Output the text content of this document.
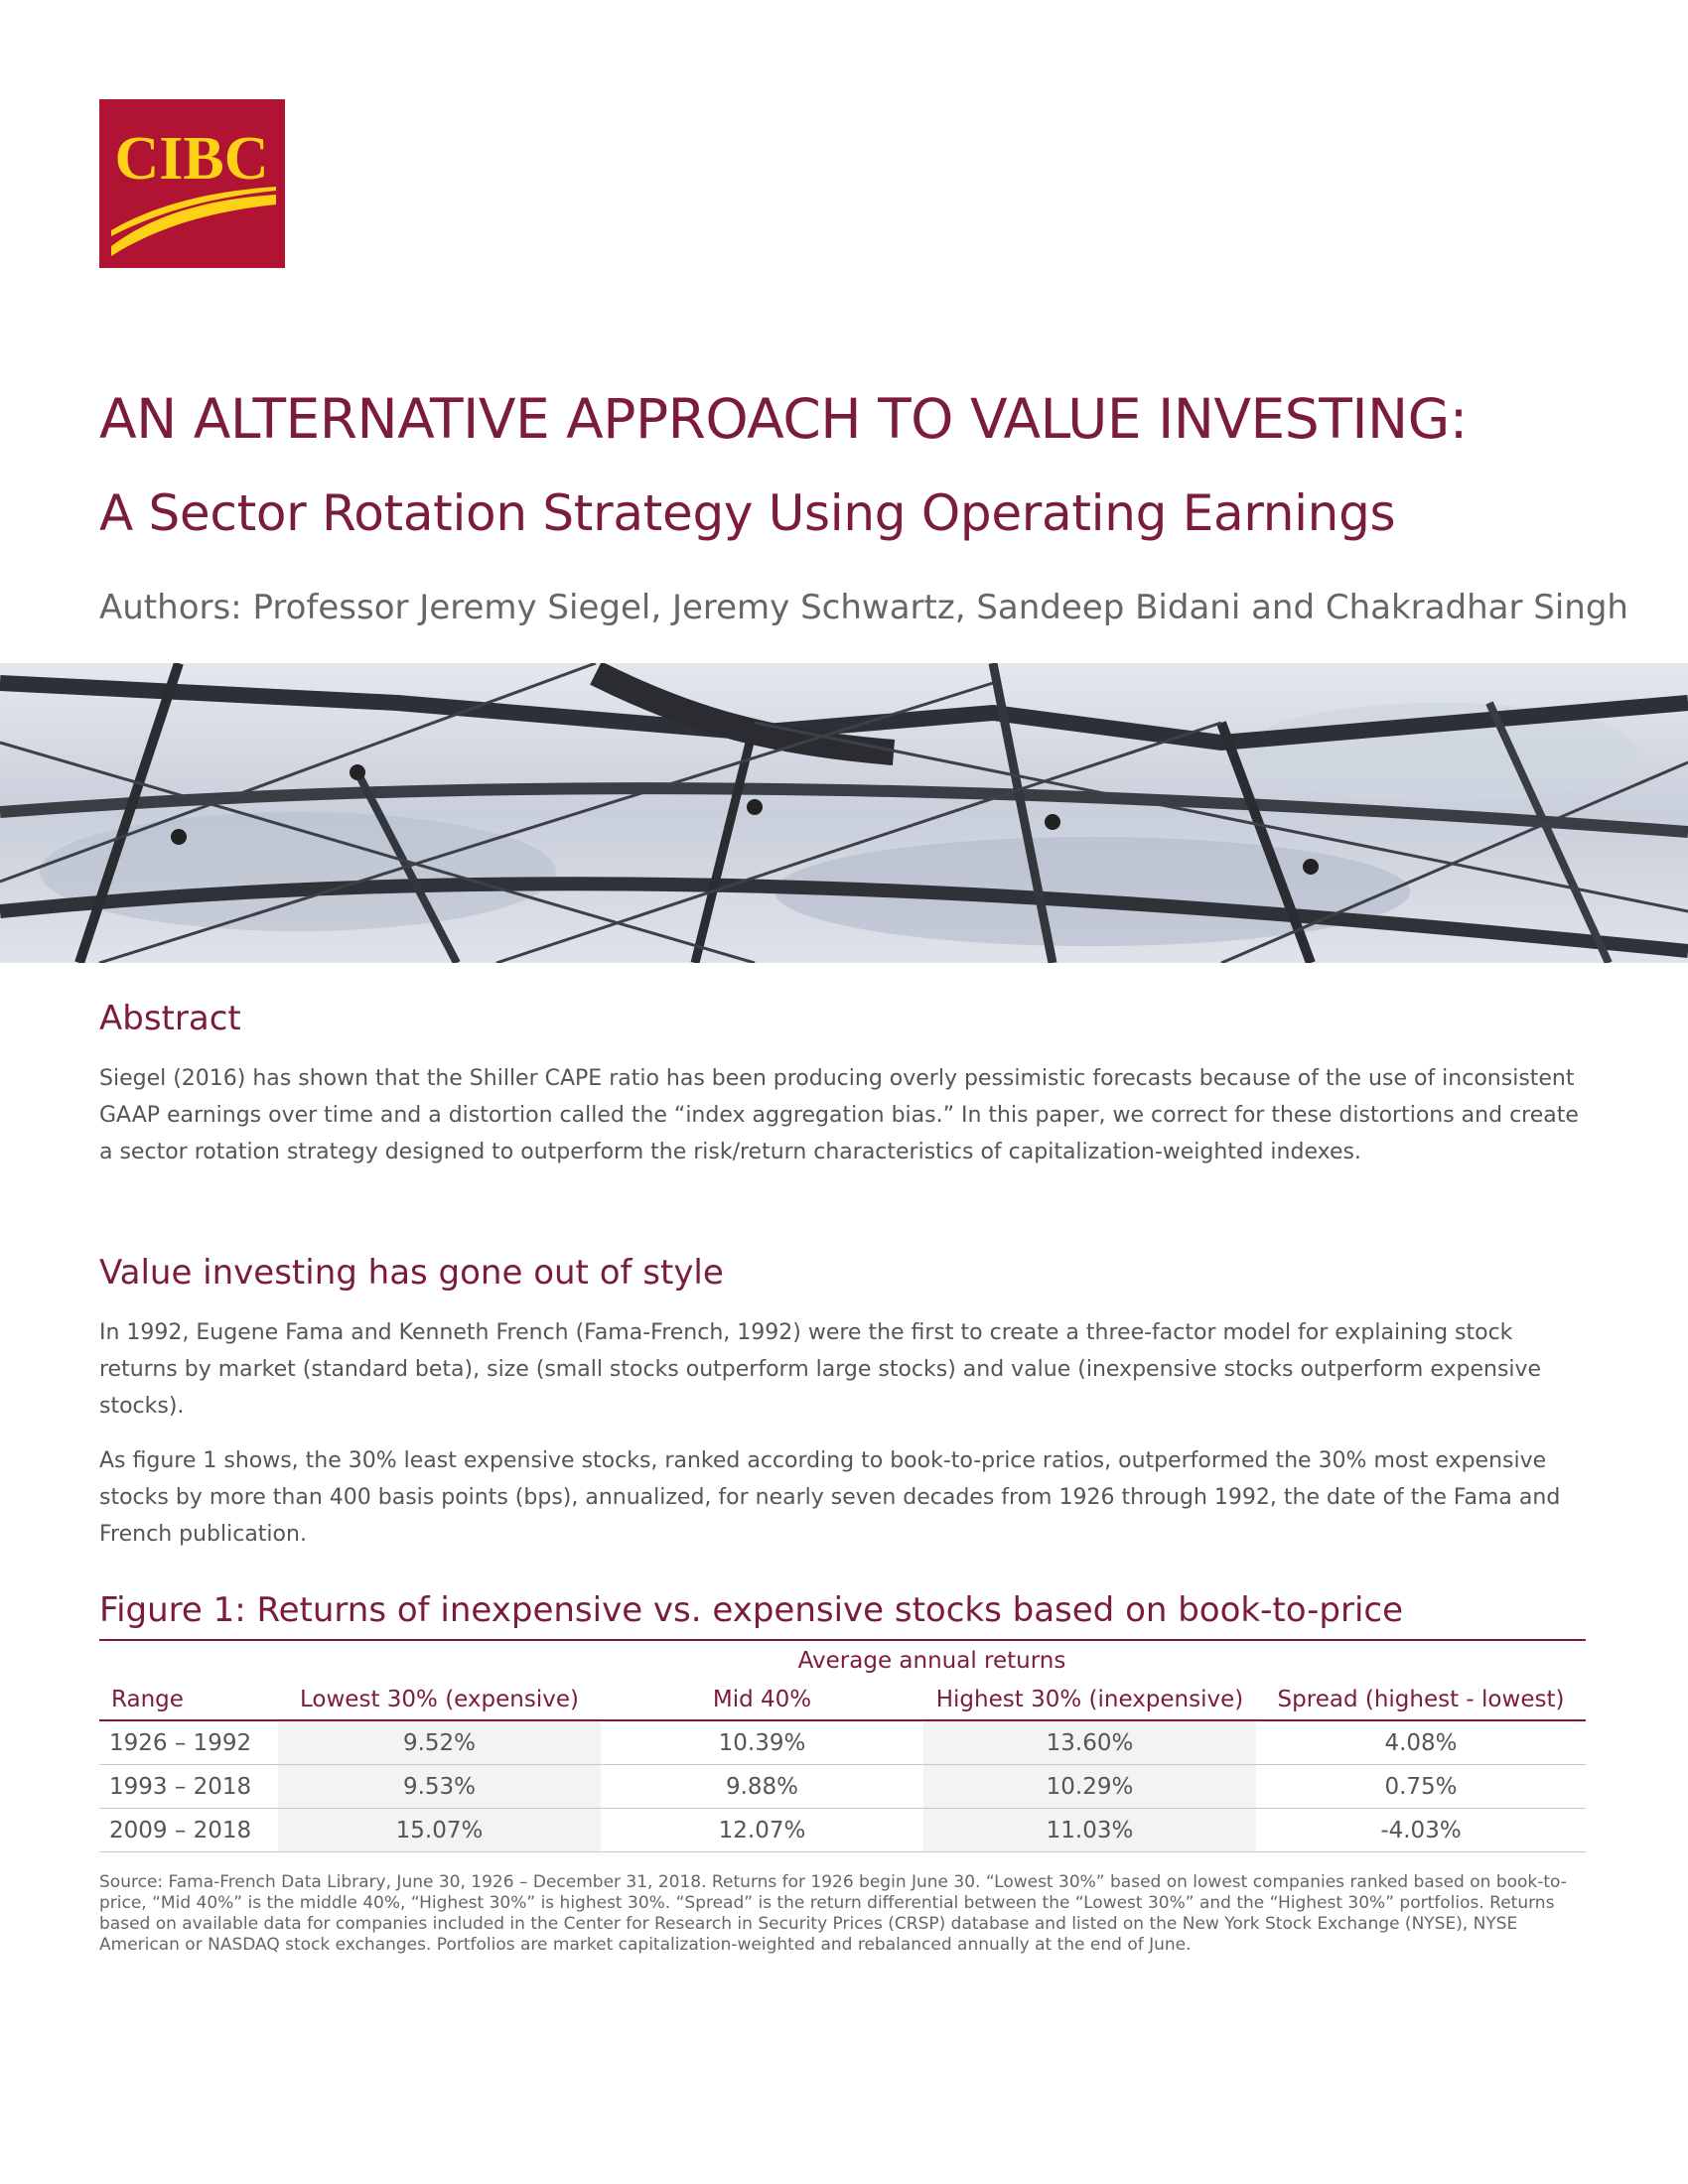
CIBC
AN ALTERNATIVE APPROACH TO VALUE INVESTING:
A Sector Rotation Strategy Using Operating Earnings

Authors: Professor Jeremy Siegel, Jeremy Schwartz, Sandeep Bidani and Chakradhar Singh

Abstract

Siegel (2016) has shown that the Shiller CAPE ratio has been producing overly pessimistic forecasts because of the use of inconsistent GAAP earnings over time and a distortion called the “index aggregation bias.” In this paper, we correct for these distortions and create a sector rotation strategy designed to outperform the risk/return characteristics of capitalization-weighted indexes.

Value investing has gone out of style

In 1992, Eugene Fama and Kenneth French (Fama-French, 1992) were the first to create a three-factor model for explaining stock returns by market (standard beta), size (small stocks outperform large stocks) and value (inexpensive stocks outperform expensive stocks).

As figure 1 shows, the 30% least expensive stocks, ranked according to book-to-price ratios, outperformed the 30% most expensive stocks by more than 400 basis points (bps), annualized, for nearly seven decades from 1926 through 1992, the date of the Fama and French publication.

Figure 1: Returns of inexpensive vs. expensive stocks based on book-to-price
	Average annual returns			
Range	Lowest 30% (expensive)	Mid 40%	Highest 30% (inexpensive)	Spread (highest - lowest)
1926 – 1992	9.52%	10.39%	13.60%	4.08%
1993 – 2018	9.53%	9.88%	10.29%	0.75%
2009 – 2018	15.07%	12.07%	11.03%	-4.03%

Source: Fama-French Data Library, June 30, 1926 – December 31, 2018. Returns for 1926 begin June 30. “Lowest 30%” based on lowest companies ranked based on book-to-price, “Mid 40%” is the middle 40%, “Highest 30%” is highest 30%. “Spread” is the return differential between the “Lowest 30%” and the “Highest 30%” portfolios. Returns based on available data for companies included in the Center for Research in Security Prices (CRSP) database and listed on the New York Stock Exchange (NYSE), NYSE American or NASDAQ stock exchanges. Portfolios are market capitalization-weighted and rebalanced annually at the end of June.
